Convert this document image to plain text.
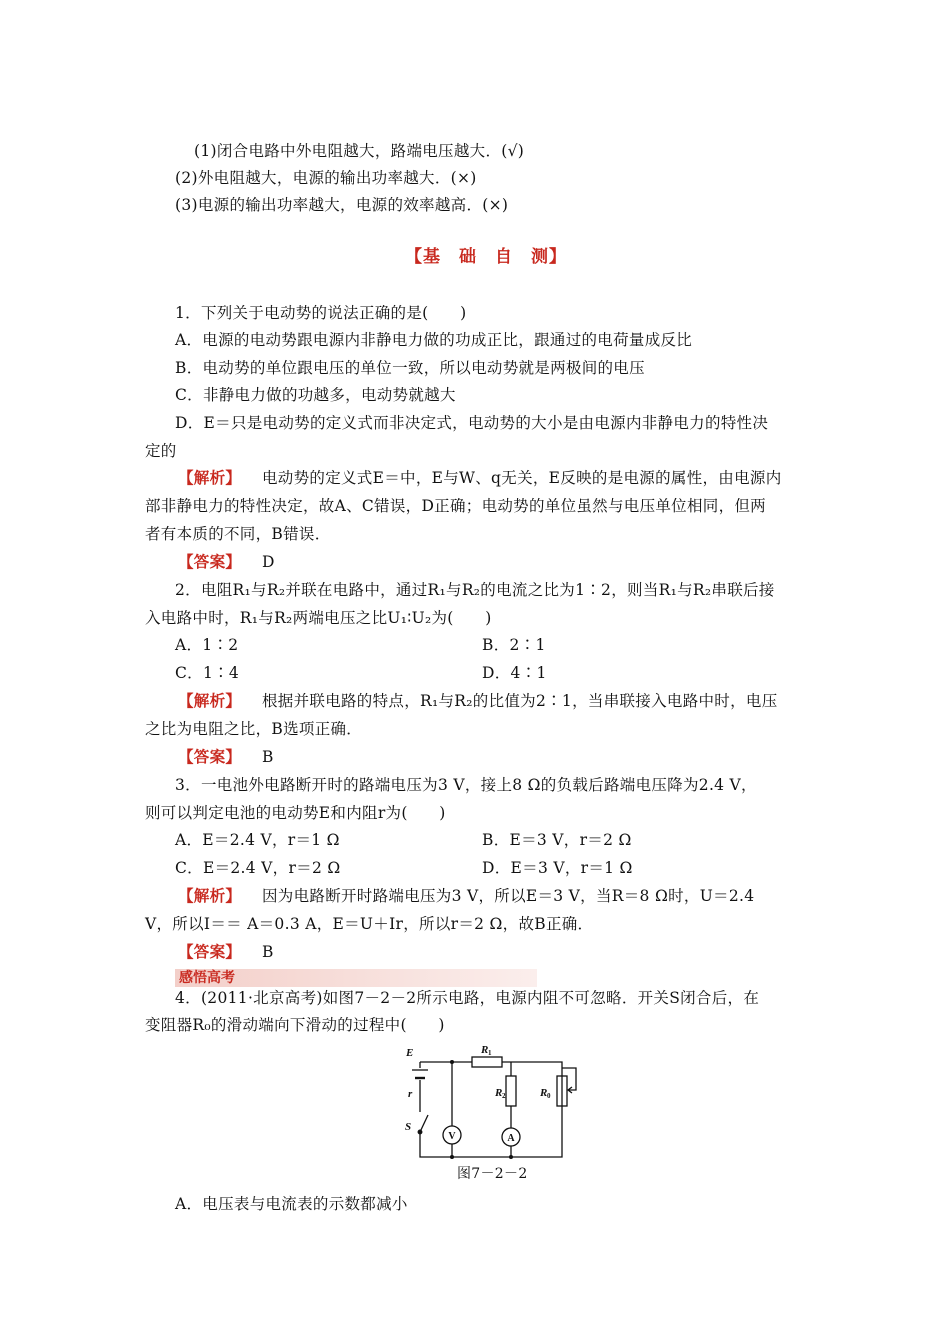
(1)闭合电路中外电阻越大，路端电压越大．(√)
(2)外电阻越大，电源的输出功率越大．(×)
(3)电源的输出功率越大，电源的效率越高．(×)
【基　础　自　测】
1．下列关于电动势的说法正确的是(　　)
A．电源的电动势跟电源内非静电力做的功成正比，跟通过的电荷量成反比
B．电动势的单位跟电压的单位一致，所以电动势就是两极间的电压
C．非静电力做的功越多，电动势就越大
D．E＝只是电动势的定义式而非决定式，电动势的大小是由电源内非静电力的特性决
定的
【解析】 电动势的定义式E＝中，E与W、q无关，E反映的是电源的属性，由电源内
部非静电力的特性决定，故A、C错误，D正确；电动势的单位虽然与电压单位相同，但两
者有本质的不同，B错误．
【答案】 D
2．电阻R₁与R₂并联在电路中，通过R₁与R₂的电流之比为1∶2，则当R₁与R₂串联后接
入电路中时，R₁与R₂两端电压之比U₁∶U₂为(　　)
A．1∶2	B．2∶1
C．1∶4	D．4∶1
【解析】 根据并联电路的特点，R₁与R₂的比值为2∶1，当串联接入电路中时，电压
之比为电阻之比，B选项正确．
【答案】 B
3．一电池外电路断开时的路端电压为3 V，接上8 Ω的负载后路端电压降为2.4 V，
则可以判定电池的电动势E和内阻r为(　　)
A．E＝2.4 V，r＝1 Ω	B．E＝3 V，r＝2 Ω
C．E＝2.4 V，r＝2 Ω	D．E＝3 V，r＝1 Ω
【解析】 因为电路断开时路端电压为3 V，所以E＝3 V，当R＝8 Ω时，U＝2.4
V，所以I＝＝ A＝0.3 A，E＝U＋Ir，所以r＝2 Ω，故B正确．
【答案】 B
感悟高考
4．(2011·北京高考)如图7－2－2所示电路，电源内阻不可忽略．开关S闭合后，在
变阻器R₀的滑动端向下滑动的过程中(　　)
E
r
S
R 1
R 2	R 0
V	A
图7－2－2
A．电压表与电流表的示数都减小
